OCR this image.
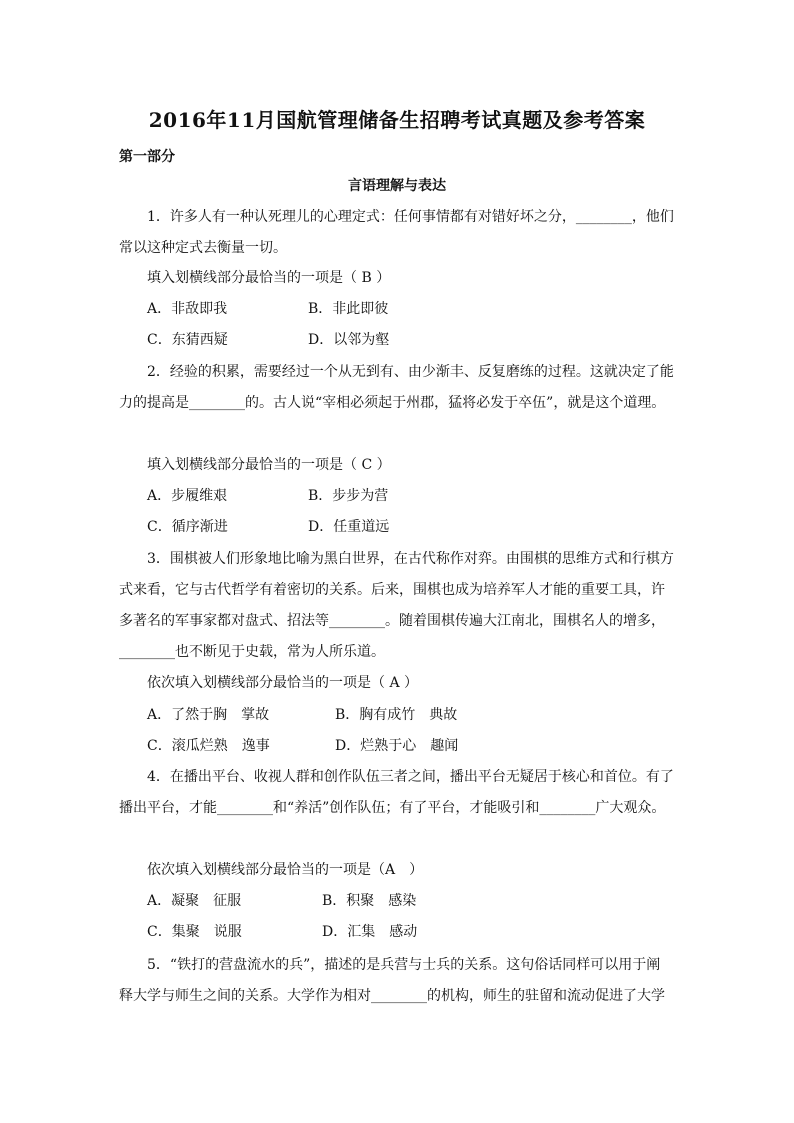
2016年11月国航管理储备生招聘考试真题及参考答案
第一部分
言语理解与表达
1．许多人有一种认死理儿的心理定式：任何事情都有对错好坏之分，________，他们
常以这种定式去衡量一切。
填入划横线部分最恰当的一项是（ B ）
A．非敌即我	B．非此即彼
C．东猜西疑	D．以邻为壑
2．经验的积累，需要经过一个从无到有、由少渐丰、反复磨练的过程。这就决定了能
力的提高是________的。古人说“宰相必须起于州郡，猛将必发于卒伍”，就是这个道理。
填入划横线部分最恰当的一项是（ C ）
A．步履维艰	B．步步为营
C．循序渐进	D．任重道远
3．围棋被人们形象地比喻为黑白世界，在古代称作对弈。由围棋的思维方式和行棋方
式来看，它与古代哲学有着密切的关系。后来，围棋也成为培养军人才能的重要工具，许
多著名的军事家都对盘式、招法等________。随着围棋传遍大江南北，围棋名人的增多，
________也不断见于史载，常为人所乐道。
依次填入划横线部分最恰当的一项是（ A ）
A．了然于胸　掌故	B．胸有成竹　典故
C．滚瓜烂熟　逸事	D．烂熟于心　趣闻
4．在播出平台、收视人群和创作队伍三者之间，播出平台无疑居于核心和首位。有了
播出平台，才能________和“养活”创作队伍；有了平台，才能吸引和________广大观众。
依次填入划横线部分最恰当的一项是（A　）
A．凝聚　征服	B．积聚　感染
C．集聚　说服	D．汇集　感动
5．“铁打的营盘流水的兵”，描述的是兵营与士兵的关系。这句俗话同样可以用于阐
释大学与师生之间的关系。大学作为相对________的机构，师生的驻留和流动促进了大学
